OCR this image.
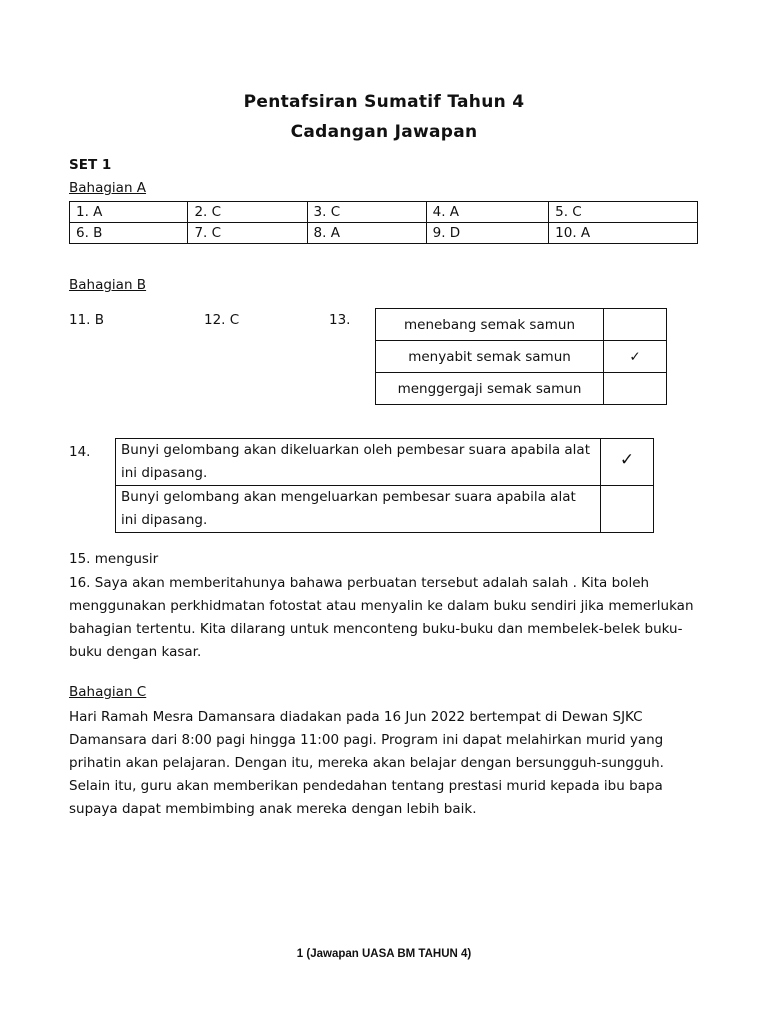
Pentafsiran Sumatif Tahun 4
Cadangan Jawapan
SET 1
Bahagian A
1. A	2. C	3. C	4. A	5. C
6. B	7. C	8. A	9. D	10. A
Bahagian B
11. B	12. C	13.	menebang semak samun	
menyabit semak samun	✓
menggergaji semak samun	
14. Bunyi gelombang akan dikeluarkan oleh pembesar suara apabila alat ini dipasang.	✓
Bunyi gelombang akan mengeluarkan pembesar suara apabila alat ini dipasang.	
15. mengusir
16. Saya akan memberitahunya bahawa perbuatan tersebut adalah salah . Kita boleh menggunakan perkhidmatan fotostat atau menyalin ke dalam buku sendiri jika memerlukan bahagian tertentu. Kita dilarang untuk menconteng buku-buku dan membelek-belek buku-buku dengan kasar.
Bahagian C
Hari Ramah Mesra Damansara diadakan pada 16 Jun 2022 bertempat di Dewan SJKC Damansara dari 8:00 pagi hingga 11:00 pagi. Program ini dapat melahirkan murid yang prihatin akan pelajaran. Dengan itu, mereka akan belajar dengan bersungguh-sungguh. Selain itu, guru akan memberikan pendedahan tentang prestasi murid kepada ibu bapa supaya dapat membimbing anak mereka dengan lebih baik.
1 (Jawapan UASA BM TAHUN 4)
